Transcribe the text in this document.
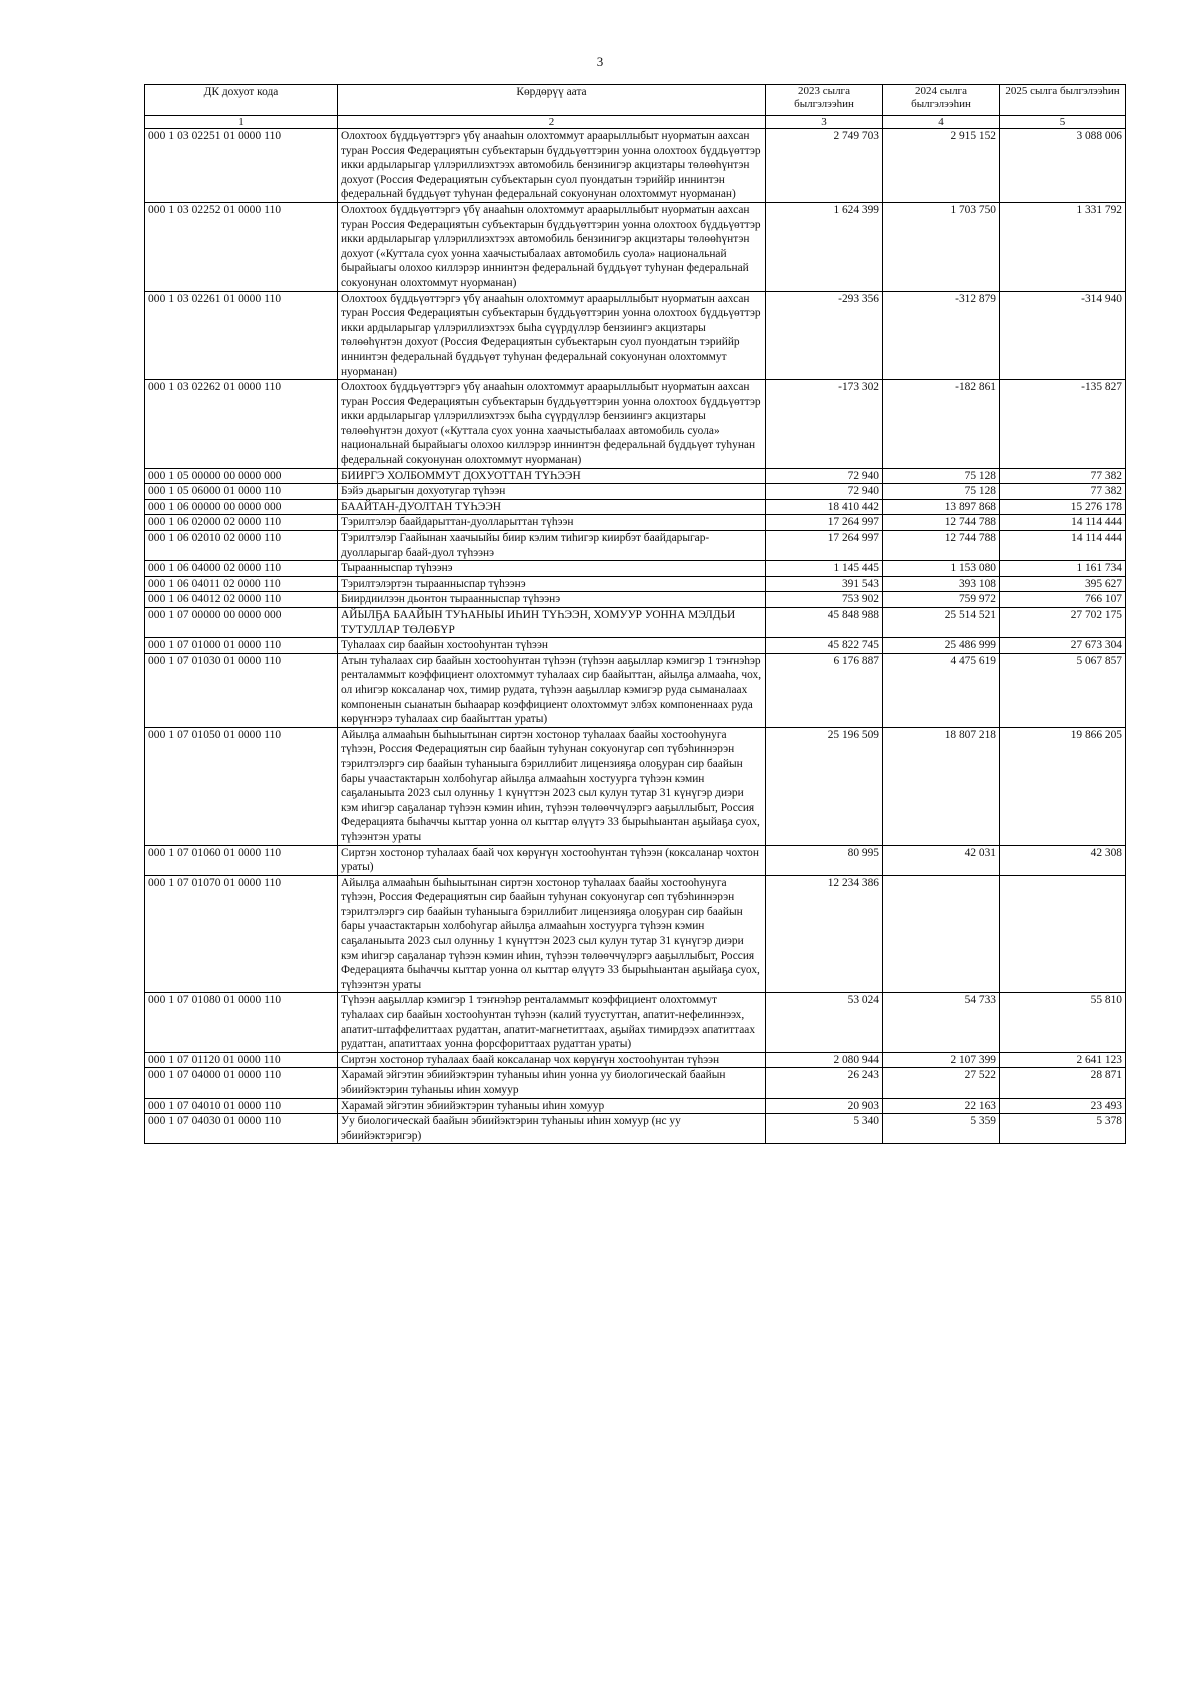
3
ДК дохуот кода	Көрдөрүү аата	2023 сылга былгэлээһин	2024 сылга былгэлээһин	2025 сылга былгэлээһин
1	2	3	4	5
000 1 03 02251 01 0000 110	Олохтоох бүддьүөттэргэ үбү анааһын олохтоммут араарыллыбыт нуорматын аахсан туран Россия Федерациятын субъектарын бүддьүөттэрин уонна олохтоох бүддьүөттэр икки ардыларыгар үллэриллиэхтээх автомобиль бензинигэр акцизтары төлөөһүнтэн дохуот (Россия Федерациятын субъектарын суол пуондатын тэриййр иннинтэн федеральнай бүддьүөт туһунан федеральнай сокуонунан олохтоммут нуорманан)	2 749 703	2 915 152	3 088 006
000 1 03 02252 01 0000 110	Олохтоох бүддьүөттэргэ үбү анааһын олохтоммут араарыллыбыт нуорматын аахсан туран Россия Федерациятын субъектарын бүддьүөттэрин уонна олохтоох бүддьүөттэр икки ардыларыгар үллэриллиэхтээх автомобиль бензинигэр акцизтары төлөөһүнтэн дохуот («Куттала суох уонна хаачыстыбалаах автомобиль суола» национальнай бырайыагы олохоо киллэрэр иннинтэн федеральнай бүддьүөт туһунан федеральнай сокуонунан олохтоммут нуорманан)	1 624 399	1 703 750	1 331 792
000 1 03 02261 01 0000 110	Олохтоох бүддьүөттэргэ үбү анааһын олохтоммут араарыллыбыт нуорматын аахсан туран Россия Федерациятын субъектарын бүддьүөттэрин уонна олохтоох бүддьүөттэр икки ардыларыгар үллэриллиэхтээх быһа сүүрдүллэр бензиингэ акцизтары төлөөһүнтэн дохуот (Россия Федерациятын субъектарын суол пуондатын тэриййр иннинтэн федеральнай бүддьүөт туһунан федеральнай сокуонунан олохтоммут нуорманан)	-293 356	-312 879	-314 940
000 1 03 02262 01 0000 110	Олохтоох бүддьүөттэргэ үбү анааһын олохтоммут араарыллыбыт нуорматын аахсан туран Россия Федерациятын субъектарын бүддьүөттэрин уонна олохтоох бүддьүөттэр икки ардыларыгар үллэриллиэхтээх быһа сүүрдүллэр бензиингэ акцизтары төлөөһүнтэн дохуот («Куттала суох уонна хаачыстыбалаах автомобиль суола» национальнай бырайыагы олохоо киллэрэр иннинтэн федеральнай бүддьүөт туһунан федеральнай сокуонунан олохтоммут нуорманан)	-173 302	-182 861	-135 827
000 1 05 00000 00 0000 000	БИИРГЭ ХОЛБОММУТ ДОХУОТТАН ТҮҺЭЭН	72 940	75 128	77 382
000 1 05 06000 01 0000 110	Бэйэ дьарыгын дохуотугар түһээн	72 940	75 128	77 382
000 1 06 00000 00 0000 000	БААЙТАН-ДУОЛТАН ТҮҺЭЭН	18 410 442	13 897 868	15 276 178
000 1 06 02000 02 0000 110	Тэрилтэлэр баайдарыттан-дуолларыттан түһээн	17 264 997	12 744 788	14 114 444
000 1 06 02010 02 0000 110	Тэрилтэлэр Гаайынан хаачыыйы биир кэлим тиһигэр киирбэт баайдарыгар-дуолларыгар баай-дуол түһээнэ	17 264 997	12 744 788	14 114 444
000 1 06 04000 02 0000 110	Тыраанныспар түһээнэ	1 145 445	1 153 080	1 161 734
000 1 06 04011 02 0000 110	Тэрилтэлэртэн тыраанныспар түһээнэ	391 543	393 108	395 627
000 1 06 04012 02 0000 110	Биирдиилээн дьонтон тыраанныспар түһээнэ	753 902	759 972	766 107
000 1 07 00000 00 0000 000	АЙЫЛҔА БААЙЫН ТУҺАНЫЫ ИҺИН ТҮҺЭЭН, ХОМУУР УОННА МЭЛДЬИ ТУТУЛЛАР ТӨЛӨБҮР	45 848 988	25 514 521	27 702 175
000 1 07 01000 01 0000 110	Туһалаах сир баайын хостооһунтан түһээн	45 822 745	25 486 999	27 673 304
000 1 07 01030 01 0000 110	Атын туһалаах сир баайын хостооһунтан түһээн (түһээн ааҕыллар кэмигэр 1 тэҥнэһэр ренталаммыт коэффициент олохтоммут туһалаах сир баайыттан, айылҕа алмааһа, чох, ол иһигэр коксаланар чох, тимир рудата, түһээн ааҕыллар кэмигэр руда сыманалаах компоненын сыанатын быһаарар коэффициент олохтоммут элбэх компоненнаах руда көрүҥнэрэ туһалаах сир баайыттан ураты)	6 176 887	4 475 619	5 067 857
000 1 07 01050 01 0000 110	Айылҕа алмааһын быһыытынан сиртэн хостонор туһалаах баайы хостооһунуга түһээн, Россия Федерациятын сир баайын туһунан сокуонугар сөп түбэһиннэрэн тэрилтэлэргэ сир баайын туһаныыга бэриллибит лицензияҕа олоҕуран сир баайын бары учаастактарын холбоһугар айылҕа алмааһын хостуурга түһээн кэмин саҕаланыыта 2023 сыл олунньу 1 күнүттэн 2023 сыл кулун тутар 31 күнүгэр диэри кэм иһигэр саҕаланар түһээн кэмин иһин, түһээн төлөөччүлэргэ ааҕыллыбыт, Россия Федерацията быһаччы кыттар уонна ол кыттар өлүүтэ 33 бырыһыантан аҕыйаҕа суох, түһээнтэн ураты	25 196 509	18 807 218	19 866 205
000 1 07 01060 01 0000 110	Сиртэн хостонор туһалаах баай чох көрүҥүн хостооһунтан түһээн (коксаланар чохтон ураты)	80 995	42 031	42 308
000 1 07 01070 01 0000 110	Айылҕа алмааһын быһыытынан сиртэн хостонор туһалаах баайы хостооһунуга түһээн, Россия Федерациятын сир баайын туһунан сокуонугар сөп түбэһиннэрэн тэрилтэлэргэ сир баайын туһаныыга бэриллибит лицензияҕа олоҕуран сир баайын бары учаастактарын холбоһугар айылҕа алмааһын хостуурга түһээн кэмин саҕаланыыта 2023 сыл олунньу 1 күнүттэн 2023 сыл кулун тутар 31 күнүгэр диэри кэм иһигэр саҕаланар түһээн кэмин иһин, түһээн төлөөччүлэргэ ааҕыллыбыт, Россия Федерацията быһаччы кыттар уонна ол кыттар өлүүтэ 33 бырыһыантан аҕыйаҕа суох, түһээнтэн ураты	12 234 386		
000 1 07 01080 01 0000 110	Түһээн ааҕыллар кэмигэр 1 тэҥнэһэр ренталаммыт коэффициент олохтоммут туһалаах сир баайын хостооһунтан түһээн (калий туустуттан, апатит-нефелиннээх, апатит-штаффелиттаах рудаттан, апатит-магнетиттаах, аҕыйах тимирдээх апатиттаах рудаттан, апатиттаах уонна форсфориттаах рудаттан ураты)	53 024	54 733	55 810
000 1 07 01120 01 0000 110	Сиртэн хостонор туһалаах баай коксаланар чох көрүҥүн хостооһунтан түһээн	2 080 944	2 107 399	2 641 123
000 1 07 04000 01 0000 110	Харамай эйгэтин эбиийэктэрин туһаныы иһин уонна уу биологическай баайын эбиийэктэрин туһаныы иһин хомуур	26 243	27 522	28 871
000 1 07 04010 01 0000 110	Харамай эйгэтин эбиийэктэрин туһаныы иһин хомуур	20 903	22 163	23 493
000 1 07 04030 01 0000 110	Уу биологическай баайын эбиийэктэрин туһаныы иһин хомуур (нс уу эбиийэктэригэр)	5 340	5 359	5 378
